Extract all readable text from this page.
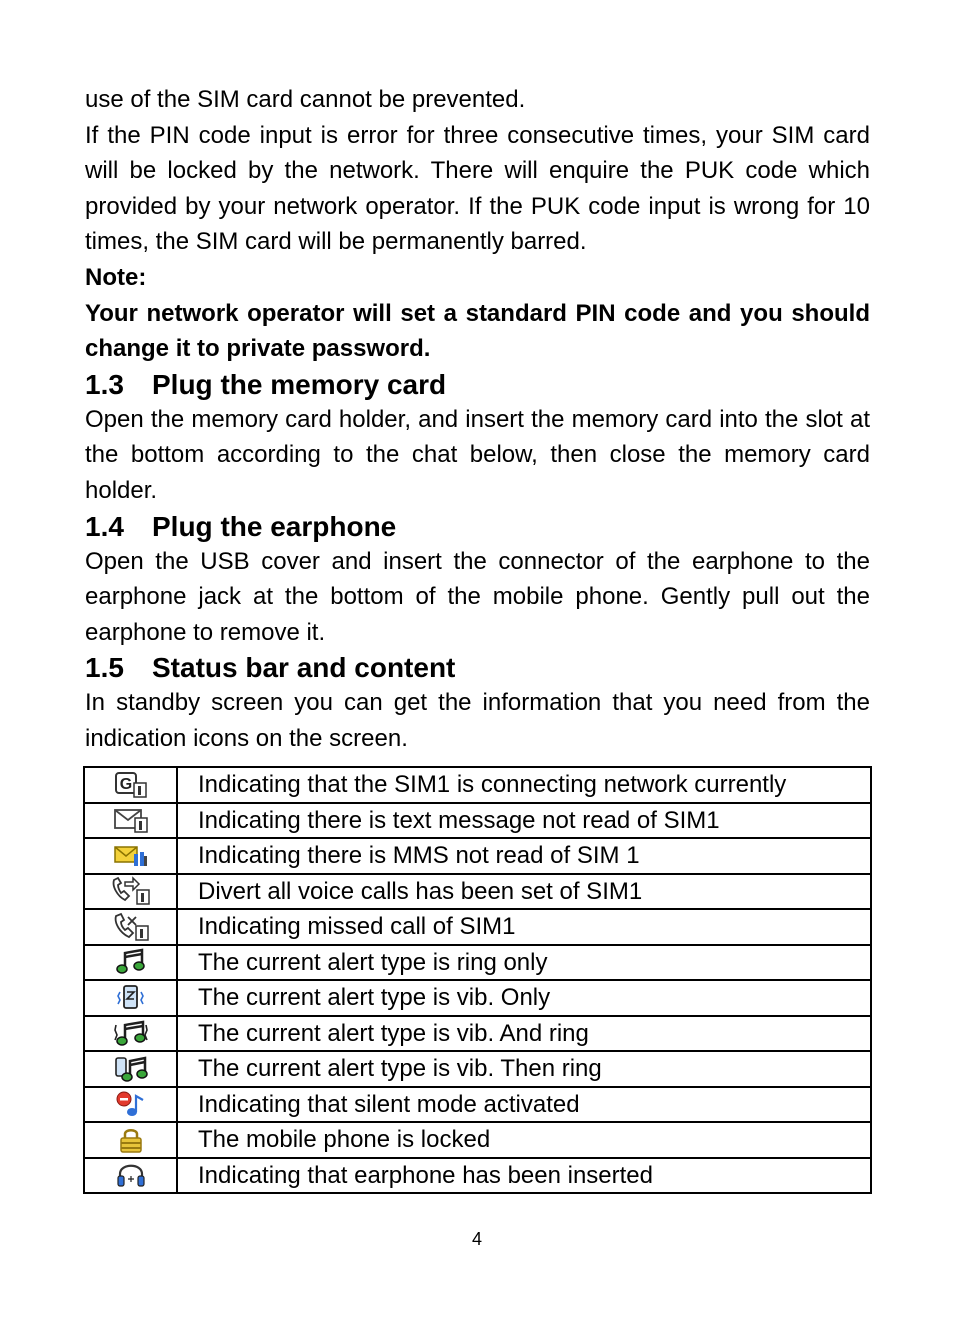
use of the SIM card cannot be prevented.

If the PIN code input is error for three consecutive times, your SIM card will be locked by the network. There will enquire the PUK code which provided by your network operator. If the PUK code input is wrong for 10 times, the SIM card will be permanently barred.

Note:

Your network operator will set a standard PIN code and you should change it to private password.

1.3 Plug the memory card

Open the memory card holder, and insert the memory card into the slot at the bottom according to the chat below, then close the memory card holder.

1.4 Plug the earphone

Open the USB cover and insert the connector of the earphone to the earphone jack at the bottom of the mobile phone. Gently pull out the earphone to remove it.

1.5 Status bar and content

In standby screen you can get the information that you need from the indication icons on the screen.

G	Indicating that the SIM1 is connecting network currently

	Indicating there is text message not read of SIM1

	Indicating there is MMS not read of SIM 1

	Divert all voice calls has been set of SIM1

	Indicating missed call of SIM1

	The current alert type is ring only

	The current alert type is vib. Only

	The current alert type is vib. And ring

	The current alert type is vib. Then ring

	Indicating that silent mode activated

	The mobile phone is locked

	Indicating that earphone has been inserted
4
